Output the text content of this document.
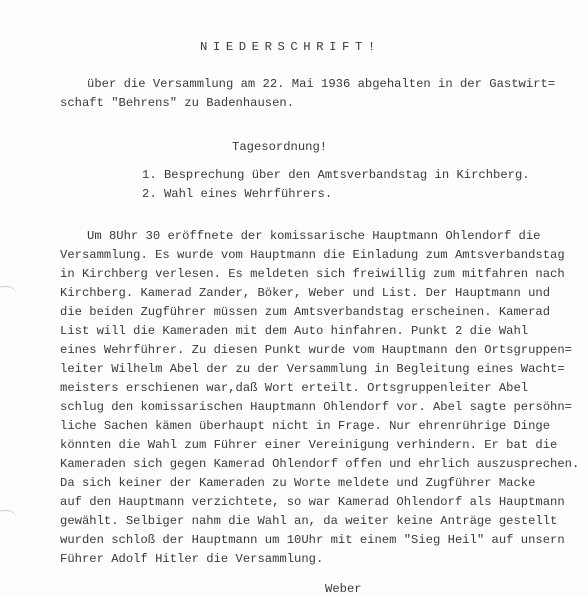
NIEDERSCHRIFT!
über die Versammlung am 22. Mai 1936 abgehalten in der Gastwirt=
schaft "Behrens" zu Badenhausen.
Tagesordnung!
1. Besprechung über den Amtsverbandstag in Kirchberg.
2. Wahl eines Wehrführers.
Um 8Uhr 30 eröffnete der komissarische Hauptmann Ohlendorf die
Versammlung. Es wurde vom Hauptmann die Einladung zum Amtsverbandstag
in Kirchberg verlesen. Es meldeten sich freiwillig zum mitfahren nach
Kirchberg. Kamerad Zander, Böker, Weber und List. Der Hauptmann und
die beiden Zugführer müssen zum Amtsverbandstag erscheinen. Kamerad
List will die Kameraden mit dem Auto hinfahren. Punkt 2 die Wahl
eines Wehrführer. Zu diesen Punkt wurde vom Hauptmann den Ortsgruppen=
leiter Wilhelm Abel der zu der Versammlung in Begleitung eines Wacht=
meisters erschienen war,daß Wort erteilt. Ortsgruppenleiter Abel
schlug den komissarischen Hauptmann Ohlendorf vor. Abel sagte persöhn=
liche Sachen kämen überhaupt nicht in Frage. Nur ehrenrührige Dinge
könnten die Wahl zum Führer einer Vereinigung verhindern. Er bat die
Kameraden sich gegen Kamerad Ohlendorf offen und ehrlich auszusprechen.
Da sich keiner der Kameraden zu Worte meldete und Zugführer Macke
auf den Hauptmann verzichtete, so war Kamerad Ohlendorf als Hauptmann
gewählt. Selbiger nahm die Wahl an, da weiter keine Anträge gestellt
wurden schloß der Hauptmann um 10Uhr mit einem "Sieg Heil" auf unsern
Führer Adolf Hitler die Versammlung.
Weber
